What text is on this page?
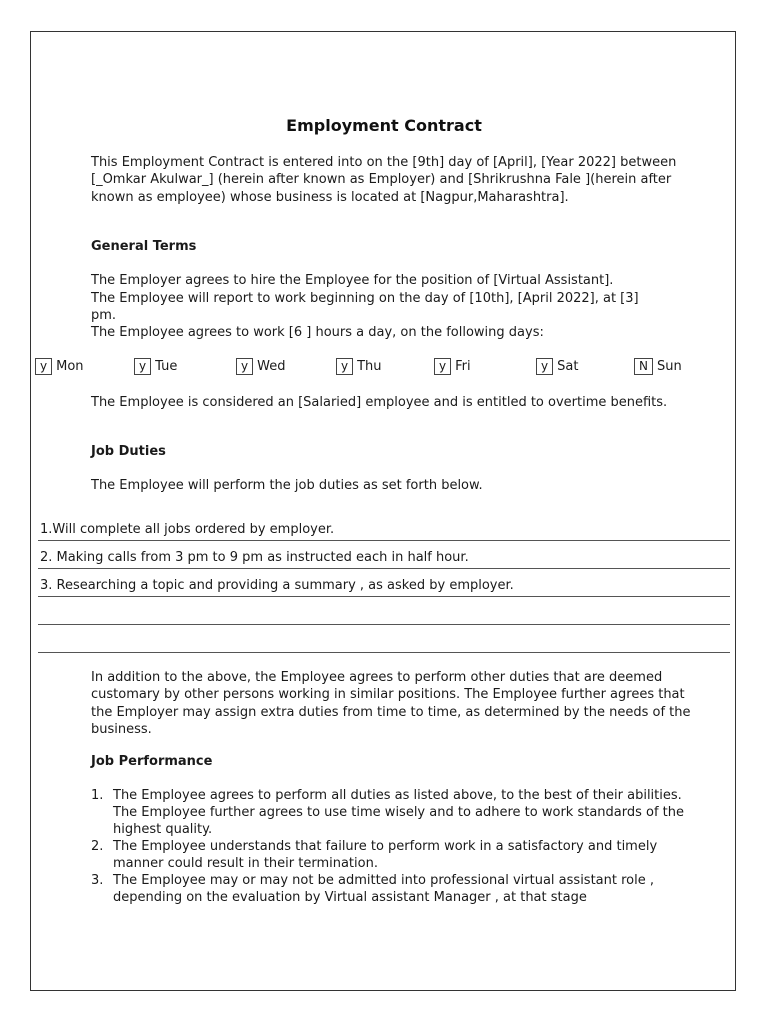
Employment Contract
This Employment Contract is entered into on the [9th] day of [April], [Year 2022] between [_Omkar Akulwar_] (herein after known as Employer) and [Shrikrushna Fale ](herein after known as employee) whose business is located at [Nagpur,Maharashtra].
General Terms
The Employer agrees to hire the Employee for the position of [Virtual Assistant].
The Employee will report to work beginning on the day of [10th], [April 2022], at [3] pm.
The Employee agrees to work [6 ] hours a day, on the following days:
y Mon	y Tue	y Wed	y Thu	y Fri	y Sat	N Sun
The Employee is considered an [Salaried] employee and is entitled to overtime benefits.
Job Duties
The Employee will perform the job duties as set forth below.
1.Will complete all jobs ordered by employer.
2. Making calls from 3 pm to 9 pm as instructed each in half hour.
3. Researching a topic and providing a summary , as asked by employer.
In addition to the above, the Employee agrees to perform other duties that are deemed customary by other persons working in similar positions. The Employee further agrees that the Employer may assign extra duties from time to time, as determined by the needs of the business.
Job Performance
1. The Employee agrees to perform all duties as listed above, to the best of their abilities. The Employee further agrees to use time wisely and to adhere to work standards of the highest quality.
2. The Employee understands that failure to perform work in a satisfactory and timely manner could result in their termination.
3. The Employee may or may not be admitted into professional virtual assistant role , depending on the evaluation by Virtual assistant Manager , at that stage
